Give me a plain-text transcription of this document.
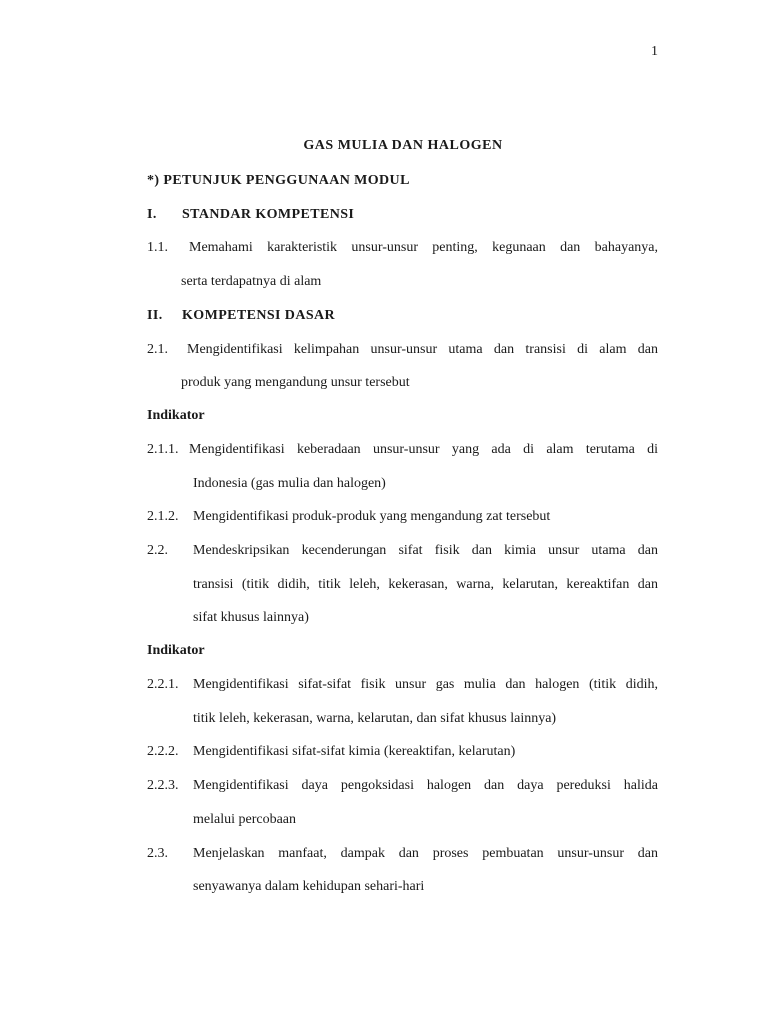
1
GAS MULIA DAN HALOGEN
*) PETUNJUK PENGGUNAAN MODUL
I. STANDAR KOMPETENSI
1.1. Memahami karakteristik unsur-unsur penting, kegunaan dan bahayanya,
serta terdapatnya di alam
II. KOMPETENSI DASAR
2.1. Mengidentifikasi kelimpahan unsur-unsur utama dan transisi di alam dan
produk yang mengandung unsur tersebut
Indikator
2.1.1. Mengidentifikasi keberadaan unsur-unsur yang ada di alam terutama di
Indonesia (gas mulia dan halogen)
2.1.2. Mengidentifikasi produk-produk yang mengandung zat tersebut
2.2. Mendeskripsikan kecenderungan sifat fisik dan kimia unsur utama dan
transisi (titik didih, titik leleh, kekerasan, warna, kelarutan, kereaktifan dan
sifat khusus lainnya)
Indikator
2.2.1. Mengidentifikasi sifat-sifat fisik unsur gas mulia dan halogen (titik didih,
titik leleh, kekerasan, warna, kelarutan, dan sifat khusus lainnya)
2.2.2. Mengidentifikasi sifat-sifat kimia (kereaktifan, kelarutan)
2.2.3. Mengidentifikasi daya pengoksidasi halogen dan daya pereduksi halida
melalui percobaan
2.3. Menjelaskan manfaat, dampak dan proses pembuatan unsur-unsur dan
senyawanya dalam kehidupan sehari-hari
